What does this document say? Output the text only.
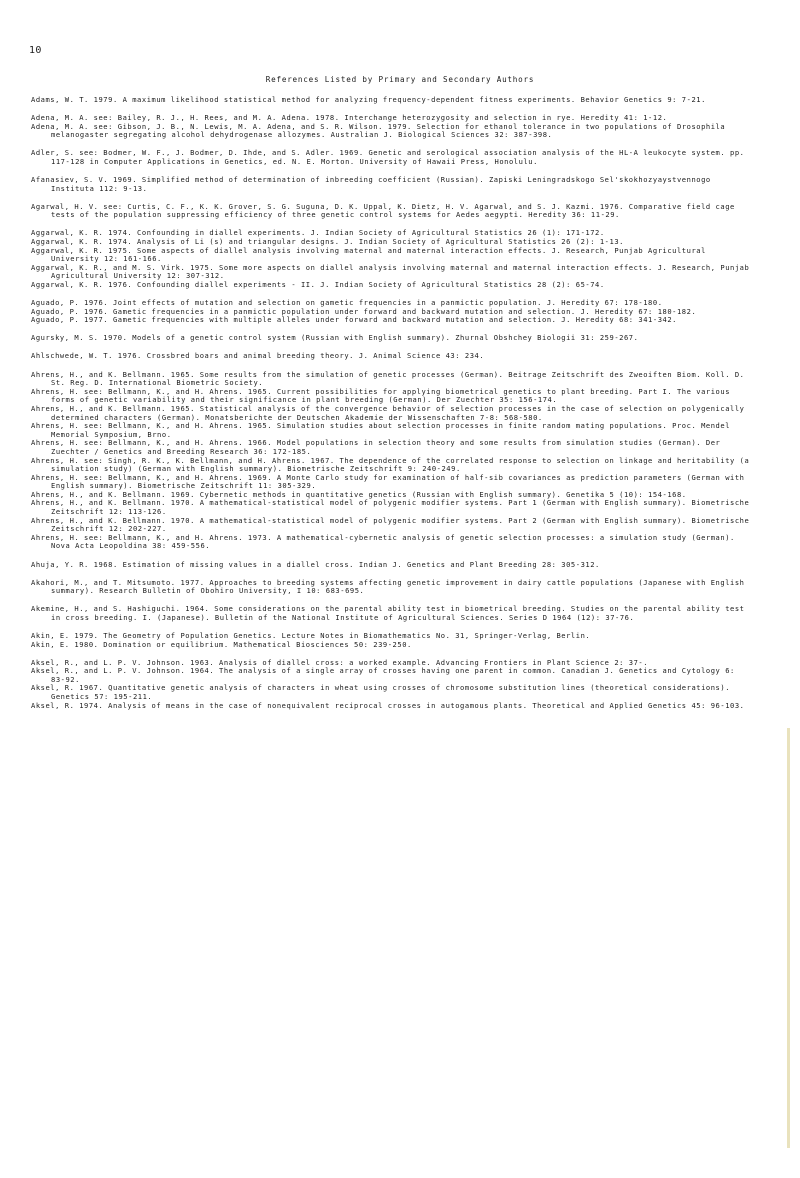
10
References Listed by Primary and Secondary Authors

Adams, W. T. 1979. A maximum likelihood statistical method for analyzing frequency-dependent fitness experiments. Behavior Genetics 9: 7-21.

Adena, M. A. see: Bailey, R. J., H. Rees, and M. A. Adena. 1978. Interchange heterozygosity and selection in rye. Heredity 41: 1-12.

Adena, M. A. see: Gibson, J. B., N. Lewis, M. A. Adena, and S. R. Wilson. 1979. Selection for ethanol tolerance in two populations of Drosophila melanogaster segregating alcohol dehydrogenase allozymes. Australian J. Biological Sciences 32: 387-398.

Adler, S. see: Bodmer, W. F., J. Bodmer, D. Ihde, and S. Adler. 1969. Genetic and serological association analysis of the HL-A leukocyte system. pp. 117-128 in Computer Applications in Genetics, ed. N. E. Morton. University of Hawaii Press, Honolulu.

Afanasiev, S. V. 1969. Simplified method of determination of inbreeding coefficient (Russian). Zapiski Leningradskogo Sel'skokhozyaystvennogo Instituta 112: 9-13.

Agarwal, H. V. see: Curtis, C. F., K. K. Grover, S. G. Suguna, D. K. Uppal, K. Dietz, H. V. Agarwal, and S. J. Kazmi. 1976. Comparative field cage tests of the population suppressing efficiency of three genetic control systems for Aedes aegypti. Heredity 36: 11-29.

Aggarwal, K. R. 1974. Confounding in diallel experiments. J. Indian Society of Agricultural Statistics 26 (1): 171-172.

Aggarwal, K. R. 1974. Analysis of Li (s) and triangular designs. J. Indian Society of Agricultural Statistics 26 (2): 1-13.

Aggarwal, K. R. 1975. Some aspects of diallel analysis involving maternal and maternal interaction effects. J. Research, Punjab Agricultural University 12: 161-166.

Aggarwal, K. R., and M. S. Virk. 1975. Some more aspects on diallel analysis involving maternal and maternal interaction effects. J. Research, Punjab Agricultural University 12: 307-312.

Aggarwal, K. R. 1976. Confounding diallel experiments - II. J. Indian Society of Agricultural Statistics 28 (2): 65-74.

Aguado, P. 1976. Joint effects of mutation and selection on gametic frequencies in a panmictic population. J. Heredity 67: 178-180.

Aguado, P. 1976. Gametic frequencies in a panmictic population under forward and backward mutation and selection. J. Heredity 67: 180-182.

Aguado, P. 1977. Gametic frequencies with multiple alleles under forward and backward mutation and selection. J. Heredity 68: 341-342.

Agursky, M. S. 1970. Models of a genetic control system (Russian with English summary). Zhurnal Obshchey Biologii 31: 259-267.

Ahlschwede, W. T. 1976. Crossbred boars and animal breeding theory. J. Animal Science 43: 234.

Ahrens, H., and K. Bellmann. 1965. Some results from the simulation of genetic processes (German). Beitrage Zeitschrift des Zweoiften Biom. Koll. D. St. Reg. D. International Biometric Society.

Ahrens, H. see: Bellmann, K., and H. Ahrens. 1965. Current possibilities for applying biometrical genetics to plant breeding. Part I. The various forms of genetic variability and their significance in plant breeding (German). Der Zuechter 35: 156-174.

Ahrens, H., and K. Bellmann. 1965. Statistical analysis of the convergence behavior of selection processes in the case of selection on polygenically determined characters (German). Monatsberichte der Deutschen Akademie der Wissenschaften 7-8: 568-580.

Ahrens, H. see: Bellmann, K., and H. Ahrens. 1965. Simulation studies about selection processes in finite random mating populations. Proc. Mendel Memorial Symposium, Brno.

Ahrens, H. see: Bellmann, K., and H. Ahrens. 1966. Model populations in selection theory and some results from simulation studies (German). Der Zuechter / Genetics and Breeding Research 36: 172-185.

Ahrens, H. see: Singh, R. K., K. Bellmann, and H. Ahrens. 1967. The dependence of the correlated response to selection on linkage and heritability (a simulation study) (German with English summary). Biometrische Zeitschrift 9: 240-249.

Ahrens, H. see: Bellmann, K., and H. Ahrens. 1969. A Monte Carlo study for examination of half-sib covariances as prediction parameters (German with English summary). Biometrische Zeitschrift 11: 305-329.

Ahrens, H., and K. Bellmann. 1969. Cybernetic methods in quantitative genetics (Russian with English summary). Genetika 5 (10): 154-168.

Ahrens, H., and K. Bellmann. 1970. A mathematical-statistical model of polygenic modifier systems. Part 1 (German with English summary). Biometrische Zeitschrift 12: 113-126.

Ahrens, H., and K. Bellmann. 1970. A mathematical-statistical model of polygenic modifier systems. Part 2 (German with English summary). Biometrische Zeitschrift 12: 202-227.

Ahrens, H. see: Bellmann, K., and H. Ahrens. 1973. A mathematical-cybernetic analysis of genetic selection processes: a simulation study (German). Nova Acta Leopoldina 38: 459-556.

Ahuja, Y. R. 1968. Estimation of missing values in a diallel cross. Indian J. Genetics and Plant Breeding 28: 305-312.

Akahori, M., and T. Mitsumoto. 1977. Approaches to breeding systems affecting genetic improvement in dairy cattle populations (Japanese with English summary). Research Bulletin of Obohiro University, I 10: 683-695.

Akemine, H., and S. Hashiguchi. 1964. Some considerations on the parental ability test in biometrical breeding. Studies on the parental ability test in cross breeding. I. (Japanese). Bulletin of the National Institute of Agricultural Sciences. Series D 1964 (12): 37-76.

Akin, E. 1979. The Geometry of Population Genetics. Lecture Notes in Biomathematics No. 31, Springer-Verlag, Berlin.

Akin, E. 1980. Domination or equilibrium. Mathematical Biosciences 50: 239-250.

Aksel, R., and L. P. V. Johnson. 1963. Analysis of diallel cross: a worked example. Advancing Frontiers in Plant Science 2: 37-.

Aksel, R., and L. P. V. Johnson. 1964. The analysis of a single array of crosses having one parent in common. Canadian J. Genetics and Cytology 6: 83-92.

Aksel, R. 1967. Quantitative genetic analysis of characters in wheat using crosses of chromosome substitution lines (theoretical considerations). Genetics 57: 195-211.

Aksel, R. 1974. Analysis of means in the case of nonequivalent reciprocal crosses in autogamous plants. Theoretical and Applied Genetics 45: 96-103.
